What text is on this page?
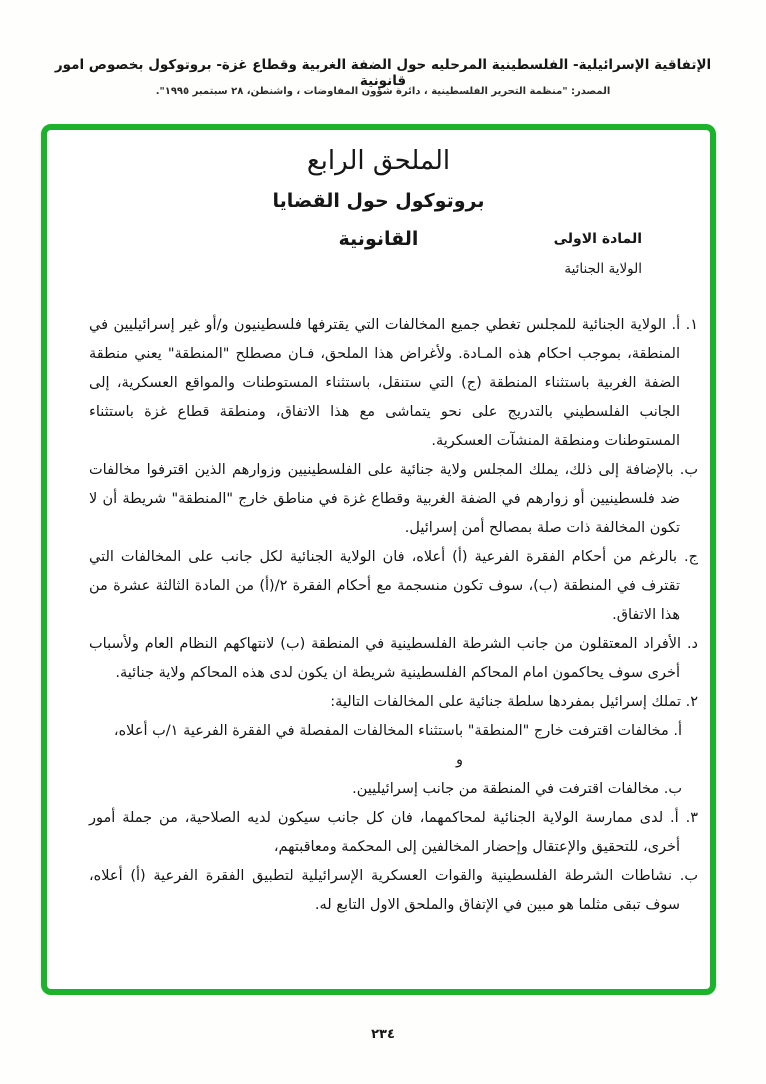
الإتفاقية الإسرائيلية- الفلسطينية المرحليه حول الضفة الغربية وقطاع غزة- بروتوكول بخصوص امور قانونية
المصدر: "منظمة التحرير الفلسطينية ، دائرة شؤون المفاوضات ، واشنطن، ٢٨ سبتمبر ١٩٩٥".
الملحق الرابع
بروتوكول حول القضايا
القانونية	المادة الاولى
الولاية الجنائية

١. أ. الولاية الجنائية للمجلس تغطي جميع المخالفات التي يقترفها فلسطينيون و/أو غير إسرائيليين في المنطقة، بموجب احكام هذه المـادة. ولأغراض هذا الملحق، فـان مصطلح "المنطقة" يعني منطقة الضفة الغربية باستثناء المنطقة (ج) التي ستنقل، باستثناء المستوطنات والمواقع العسكرية، إلى الجانب الفلسطيني بالتدريج على نحو يتماشى مع هذا الاتفاق، ومنطقة قطاع غزة باستثناء المستوطنات ومنطقة المنشآت العسكرية.

ب. بالإضافة إلى ذلك، يملك المجلس ولاية جنائية على الفلسطينيين وزوارهم الذين اقترفوا مخالفات ضد فلسطينيين أو زوارهم في الضفة الغربية وقطاع غزة في مناطق خارج "المنطقة" شريطة أن لا تكون المخالفة ذات صلة بمصالح أمن إسرائيل.

ج. بالرغم من أحكام الفقرة الفرعية (أ) أعلاه، فان الولاية الجنائية لكل جانب على المخالفات التي تقترف في المنطقة (ب)، سوف تكون منسجمة مع أحكام الفقرة ٢/(أ) من المادة الثالثة عشرة من هذا الاتفاق.

د. الأفراد المعتقلون من جانب الشرطة الفلسطينية في المنطقة (ب) لانتهاكهم النظام العام ولأسباب أخرى سوف يحاكمون امام المحاكم الفلسطينية شريطة ان يكون لدى هذه المحاكم ولاية جنائية.

٢. تملك إسرائيل بمفردها سلطة جنائية على المخالفات التالية:

أ. مخالفات اقترفت خارج "المنطقة" باستثناء المخالفات المفصلة في الفقرة الفرعية ١/ب أعلاه،

و

ب. مخالفات اقترفت في المنطقة من جانب إسرائيليين.

٣. أ. لدى ممارسة الولاية الجنائية لمحاكمهما، فان كل جانب سيكون لديه الصلاحية، من جملة أمور أخرى، للتحقيق والإعتقال وإحضار المخالفين إلى المحكمة ومعاقبتهم،

ب. نشاطات الشرطة الفلسطينية والقوات العسكرية الإسرائيلية لتطبيق الفقرة الفرعية (أ) أعلاه، سوف تبقى مثلما هو مبين في الإتفاق والملحق الاول التابع له.

٢٣٤
